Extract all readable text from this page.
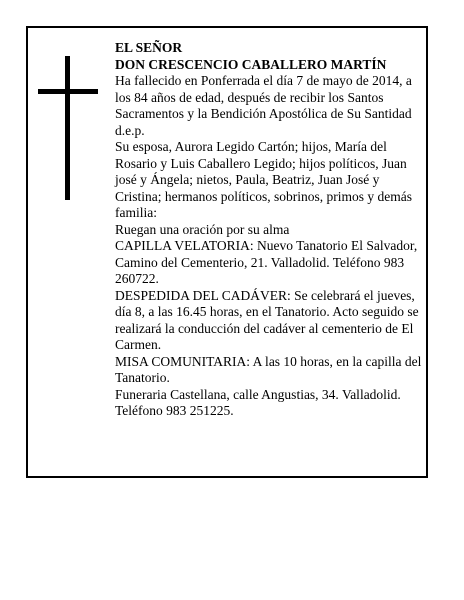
EL SEÑOR
DON CRESCENCIO CABALLERO MARTÍN

Ha fallecido en Ponferrada el día 7 de mayo de 2014, a los 84 años de edad, después de recibir los Santos Sacramentos y la Bendición Apostólica de Su Santidad d.e.p.

Su esposa, Aurora Legido Cartón; hijos, María del Rosario y Luis Caballero Legido; hijos políticos, Juan josé y Ángela; nietos, Paula, Beatriz, Juan José y Cristina; hermanos políticos, sobrinos, primos y demás familia:

Ruegan una oración por su alma

CAPILLA VELATORIA: Nuevo Tanatorio El Salvador, Camino del Cementerio, 21. Valladolid. Teléfono 983 260722.

DESPEDIDA DEL CADÁVER: Se celebrará el jueves, día 8, a las 16.45 horas, en el Tanatorio. Acto seguido se realizará la conducción del cadáver al cementerio de El Carmen.

MISA COMUNITARIA: A las 10 horas, en la capilla del Tanatorio.

Funeraria Castellana, calle Angustias, 34. Valladolid. Teléfono 983 251225.
